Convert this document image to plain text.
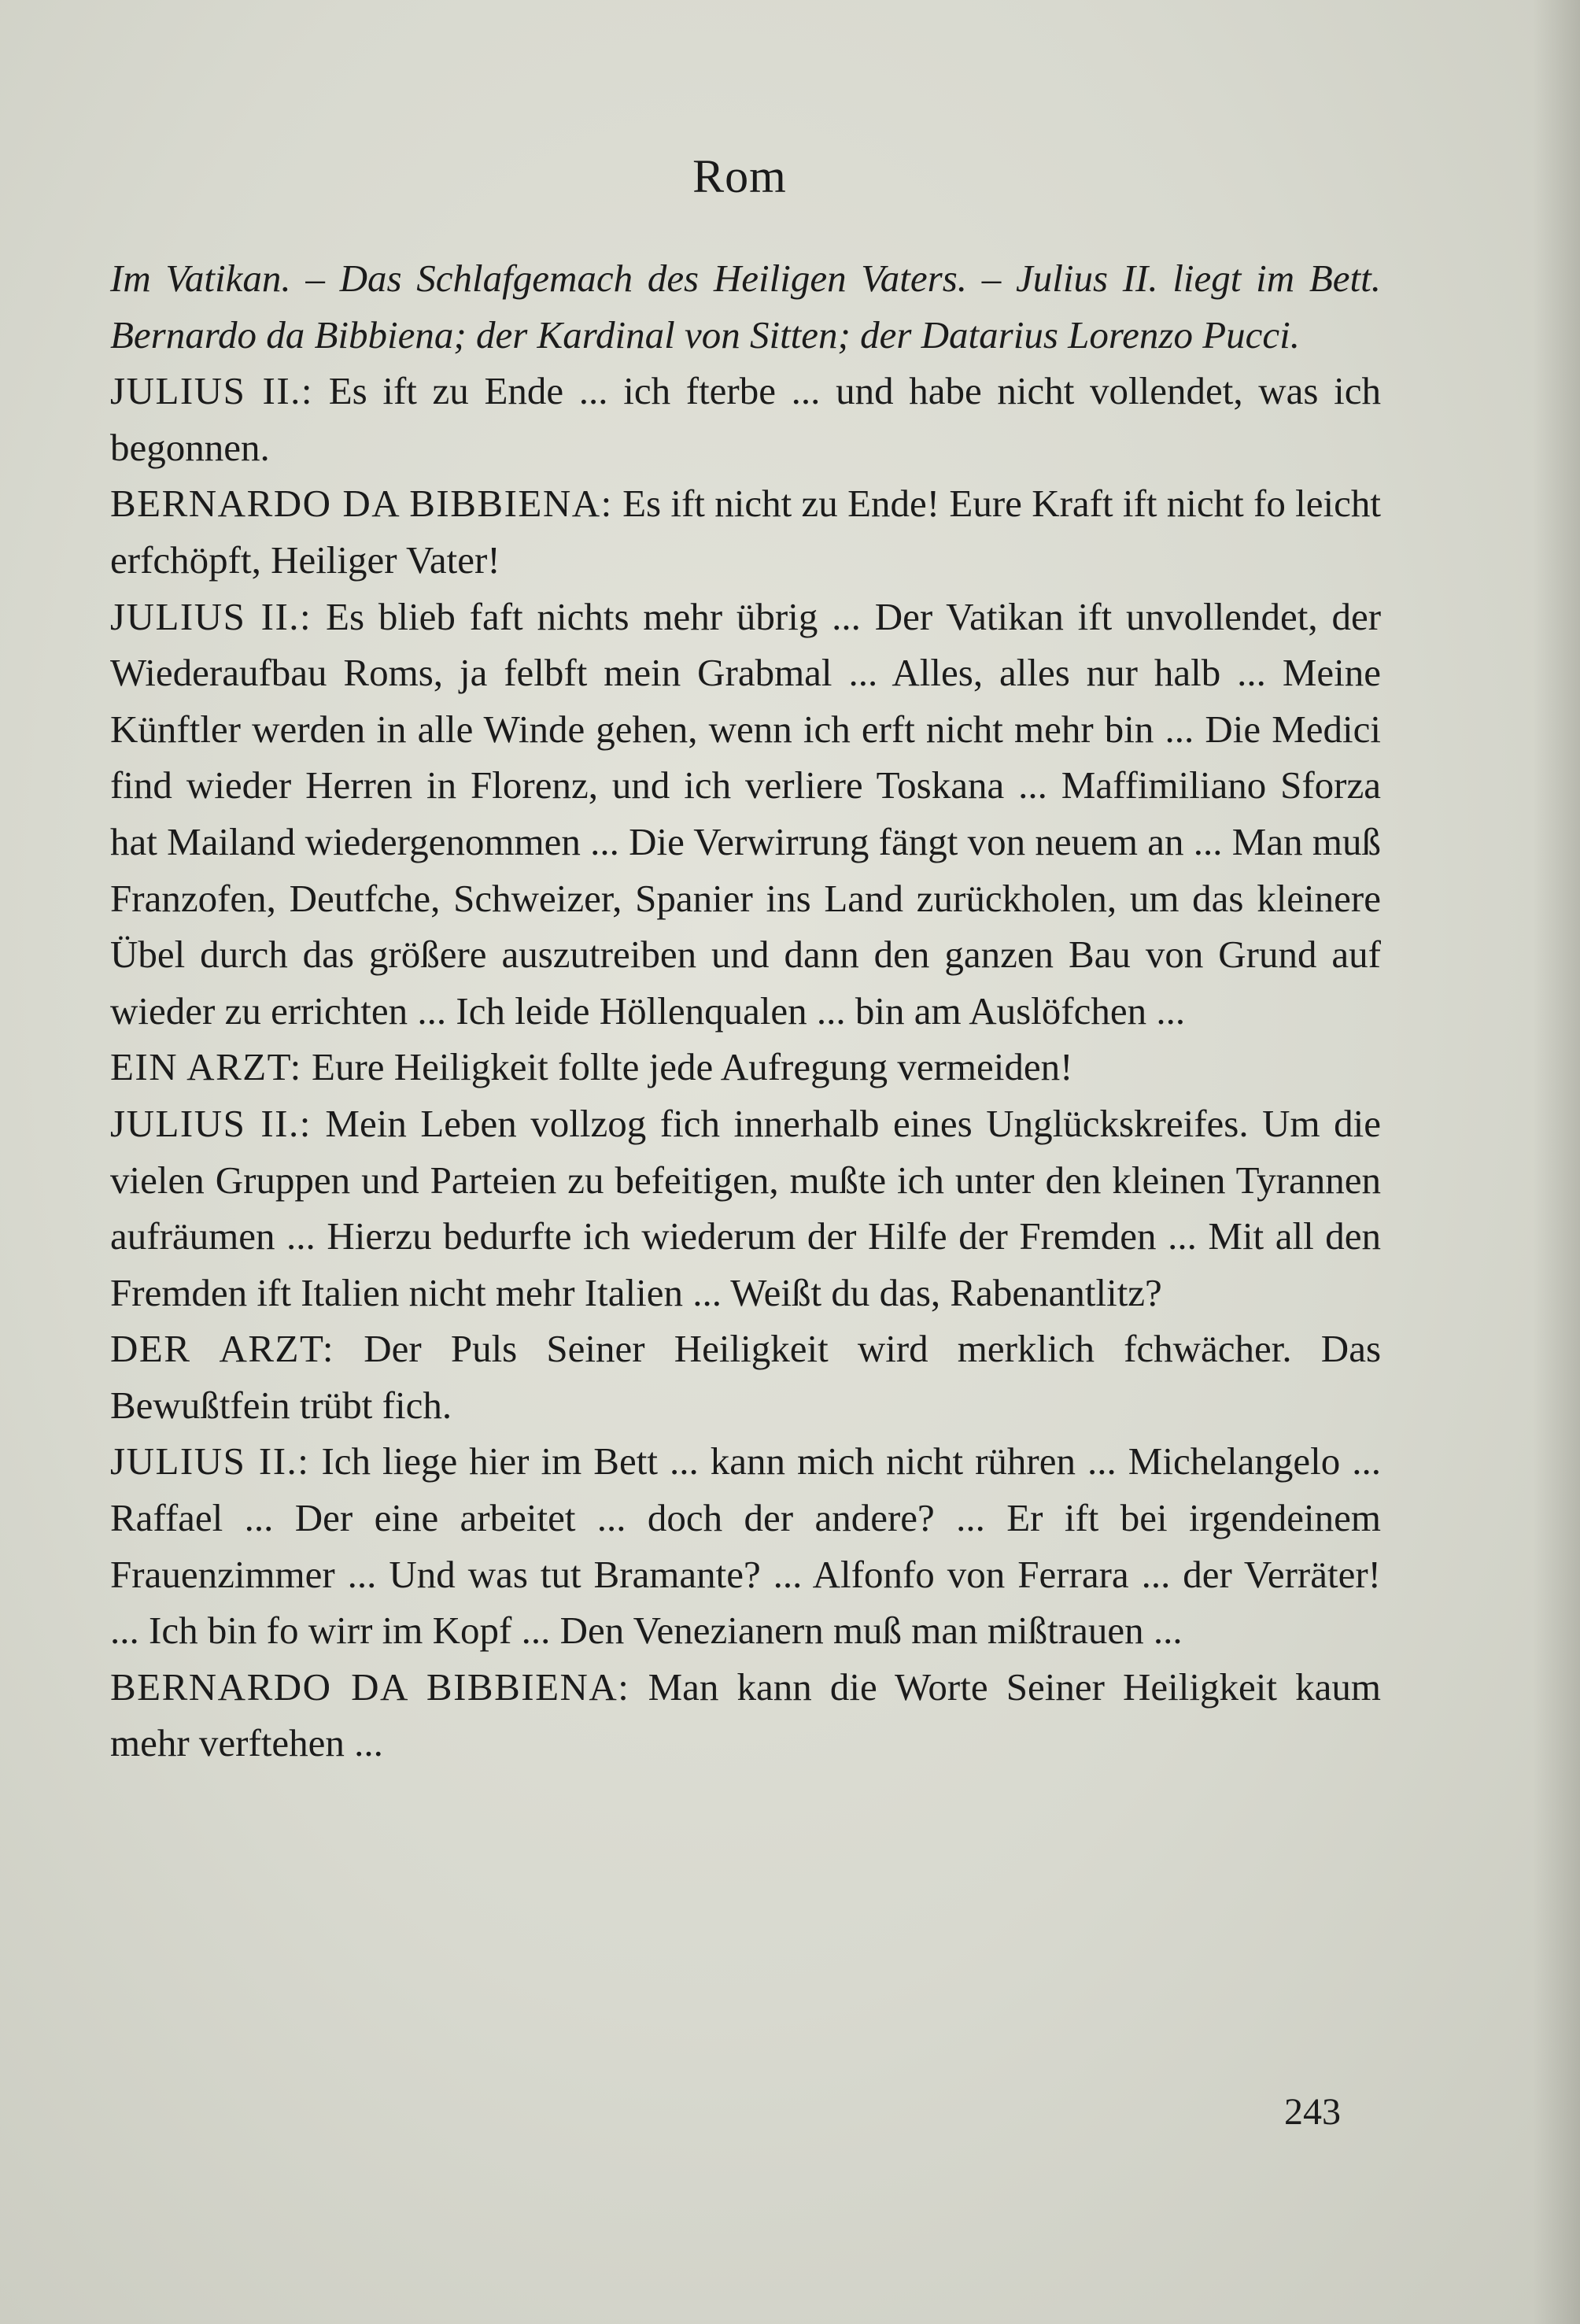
Rom

Im Vatikan. – Das Schlafgemach des Heiligen Vaters. – Julius II. liegt im Bett. Bernardo da Bibbiena; der Kardinal von Sitten; der Datarius Lorenzo Pucci.

JULIUS II.: Es ift zu Ende ... ich fterbe ... und habe nicht vollendet, was ich begonnen.

BERNARDO DA BIBBIENA: Es ift nicht zu Ende! Eure Kraft ift nicht fo leicht erfchöpft, Heiliger Vater!

JULIUS II.: Es blieb faft nichts mehr übrig ... Der Vatikan ift unvollendet, der Wiederaufbau Roms, ja felbft mein Grabmal ... Alles, alles nur halb ... Meine Künftler werden in alle Winde gehen, wenn ich erft nicht mehr bin ... Die Medici find wieder Herren in Florenz, und ich verliere Toskana ... Maffimiliano Sforza hat Mailand wiedergenommen ... Die Verwirrung fängt von neuem an ... Man muß Franzofen, Deutfche, Schweizer, Spanier ins Land zurückholen, um das kleinere Übel durch das größere auszutreiben und dann den ganzen Bau von Grund auf wieder zu errichten ... Ich leide Höllenqualen ... bin am Auslöfchen ...

EIN ARZT: Eure Heiligkeit follte jede Aufregung vermeiden!

JULIUS II.: Mein Leben vollzog fich innerhalb eines Unglückskreifes. Um die vielen Gruppen und Parteien zu befeitigen, mußte ich unter den kleinen Tyrannen aufräumen ... Hierzu bedurfte ich wiederum der Hilfe der Fremden ... Mit all den Fremden ift Italien nicht mehr Italien ... Weißt du das, Rabenantlitz?

DER ARZT: Der Puls Seiner Heiligkeit wird merklich fchwächer. Das Bewußtfein trübt fich.

JULIUS II.: Ich liege hier im Bett ... kann mich nicht rühren ... Michelangelo ... Raffael ... Der eine arbeitet ... doch der andere? ... Er ift bei irgendeinem Frauenzimmer ... Und was tut Bramante? ... Alfonfo von Ferrara ... der Verräter! ... Ich bin fo wirr im Kopf ... Den Venezianern muß man mißtrauen ...

BERNARDO DA BIBBIENA: Man kann die Worte Seiner Heiligkeit kaum mehr verftehen ...

243
